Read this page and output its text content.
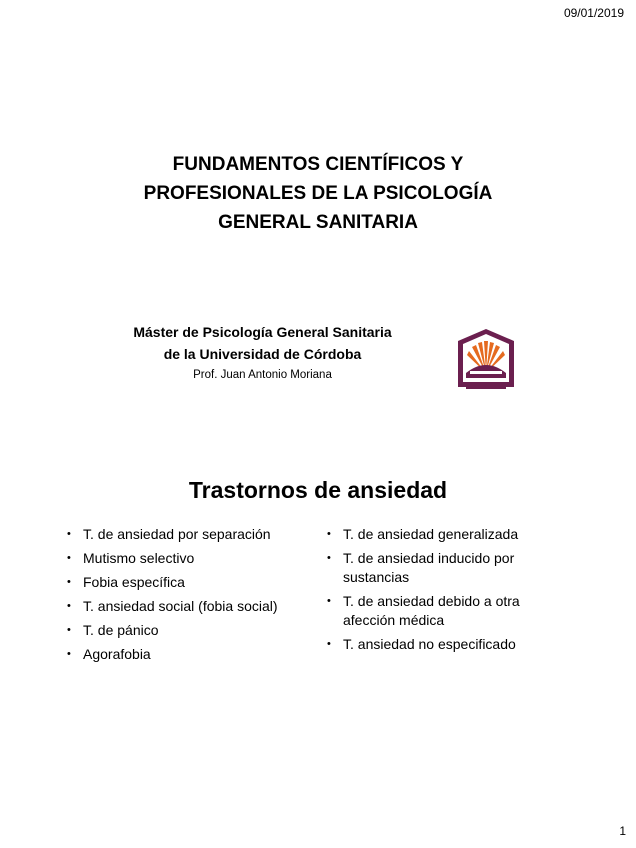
09/01/2019
FUNDAMENTOS CIENTÍFICOS Y
PROFESIONALES DE LA PSICOLOGÍA
GENERAL SANITARIA
Máster de Psicología General Sanitaria
de la Universidad de Córdoba
Prof. Juan Antonio Moriana
Trastornos de ansiedad
• T. de ansiedad por separación
• Mutismo selectivo
• Fobia específica
• T. ansiedad social (fobia social)
• T. de pánico
• Agorafobia
• T. de ansiedad generalizada
• T. de ansiedad inducido por sustancias
• T. de ansiedad debido a otra afección médica
• T. ansiedad no especificado
1
